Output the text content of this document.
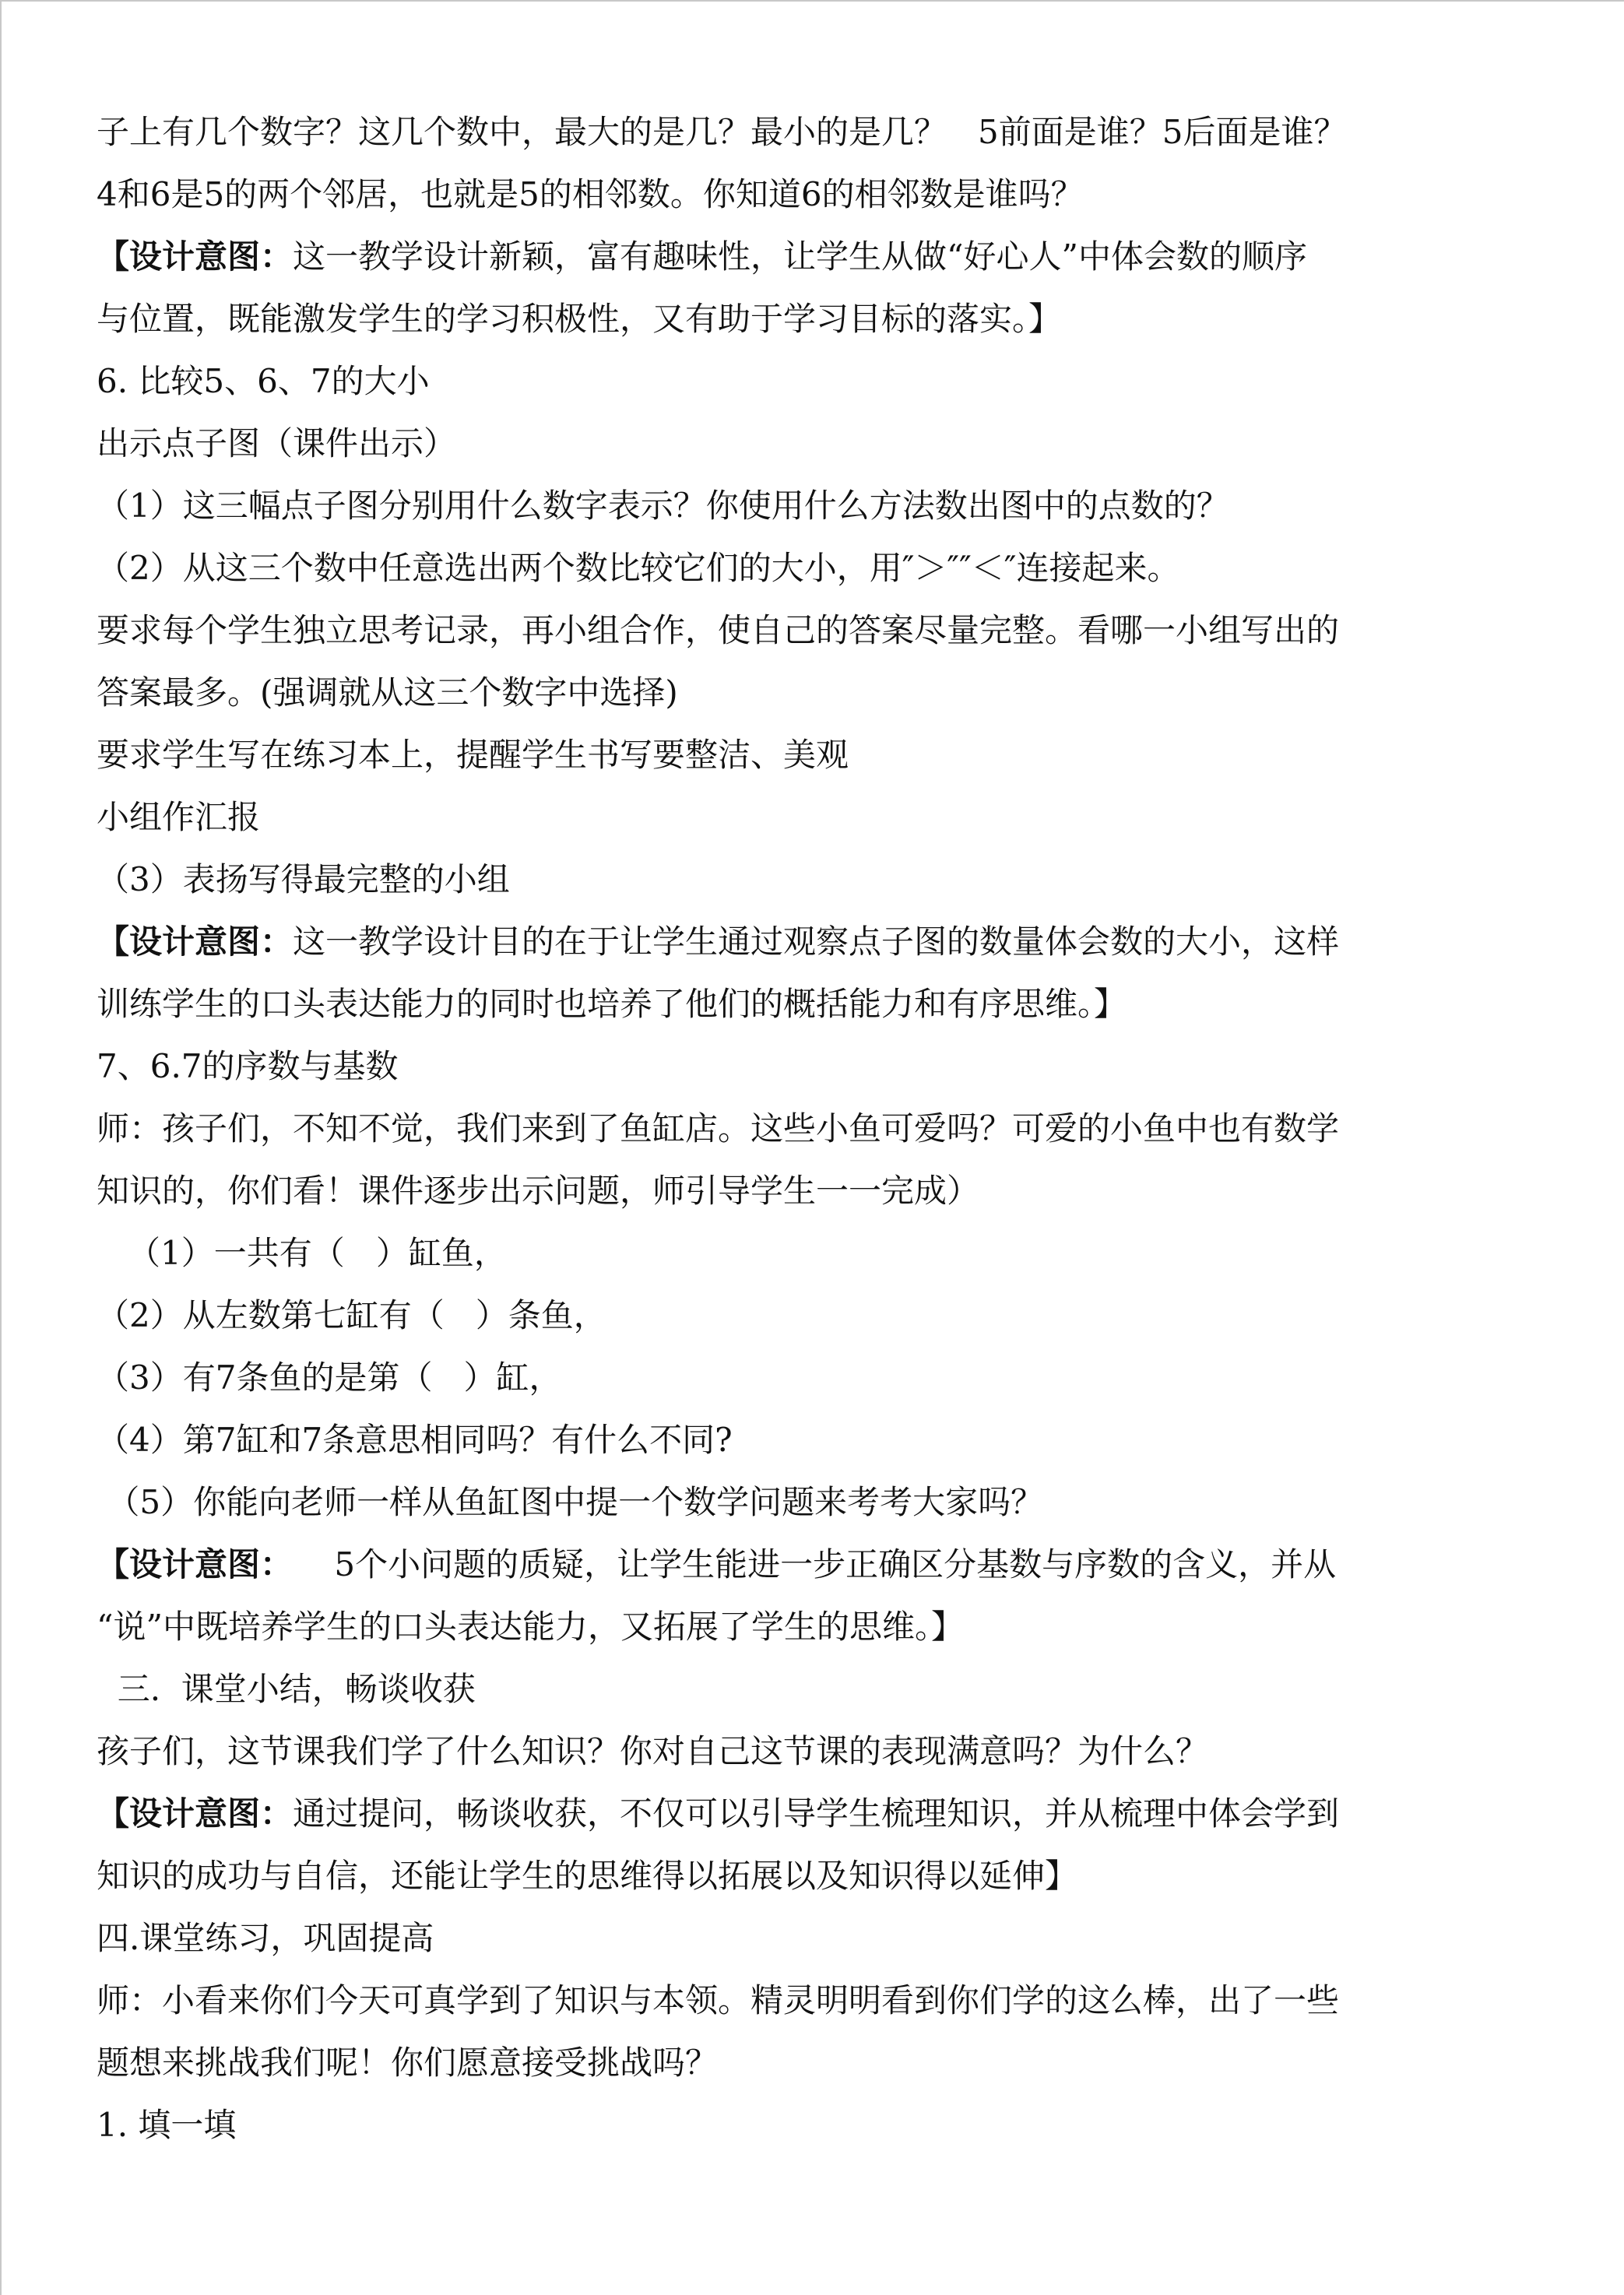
子上有几个数字？这几个数中，最大的是几？最小的是几？   5前面是谁？5后面是谁？
4和6是5的两个邻居，也就是5的相邻数。你知道6的相邻数是谁吗？
【设计意图：这一教学设计新颖，富有趣味性，让学生从做“好心人”中体会数的顺序
与位置，既能激发学生的学习积极性，又有助于学习目标的落实。】
6. 比较5、6、7的大小
出示点子图（课件出示）
（1）这三幅点子图分别用什么数字表示？你使用什么方法数出图中的点数的？
（2）从这三个数中任意选出两个数比较它们的大小，用″＞″″＜″连接起来。
要求每个学生独立思考记录，再小组合作，使自己的答案尽量完整。看哪一小组写出的
答案最多。(强调就从这三个数字中选择)
要求学生写在练习本上，提醒学生书写要整洁、美观
小组作汇报
（3）表扬写得最完整的小组
【设计意图：这一教学设计目的在于让学生通过观察点子图的数量体会数的大小，这样
训练学生的口头表达能力的同时也培养了他们的概括能力和有序思维。】
7、6.7的序数与基数
师：孩子们，不知不觉，我们来到了鱼缸店。这些小鱼可爱吗？可爱的小鱼中也有数学
知识的，你们看！课件逐步出示问题，师引导学生一一完成）
（1）一共有（   ）缸鱼，
（2）从左数第七缸有（   ）条鱼，
（3）有7条鱼的是第（   ）缸，
（4）第7缸和7条意思相同吗？有什么不同?
（5）你能向老师一样从鱼缸图中提一个数学问题来考考大家吗？
【设计意图：    5个小问题的质疑，让学生能进一步正确区分基数与序数的含义，并从
“说”中既培养学生的口头表达能力，又拓展了学生的思维。】
三.  课堂小结，畅谈收获
孩子们，这节课我们学了什么知识？你对自己这节课的表现满意吗？为什么？
【设计意图：通过提问，畅谈收获，不仅可以引导学生梳理知识，并从梳理中体会学到
知识的成功与自信，还能让学生的思维得以拓展以及知识得以延伸】
四.课堂练习，巩固提高
师：小看来你们今天可真学到了知识与本领。精灵明明看到你们学的这么棒，出了一些
题想来挑战我们呢！你们愿意接受挑战吗？
1. 填一填
